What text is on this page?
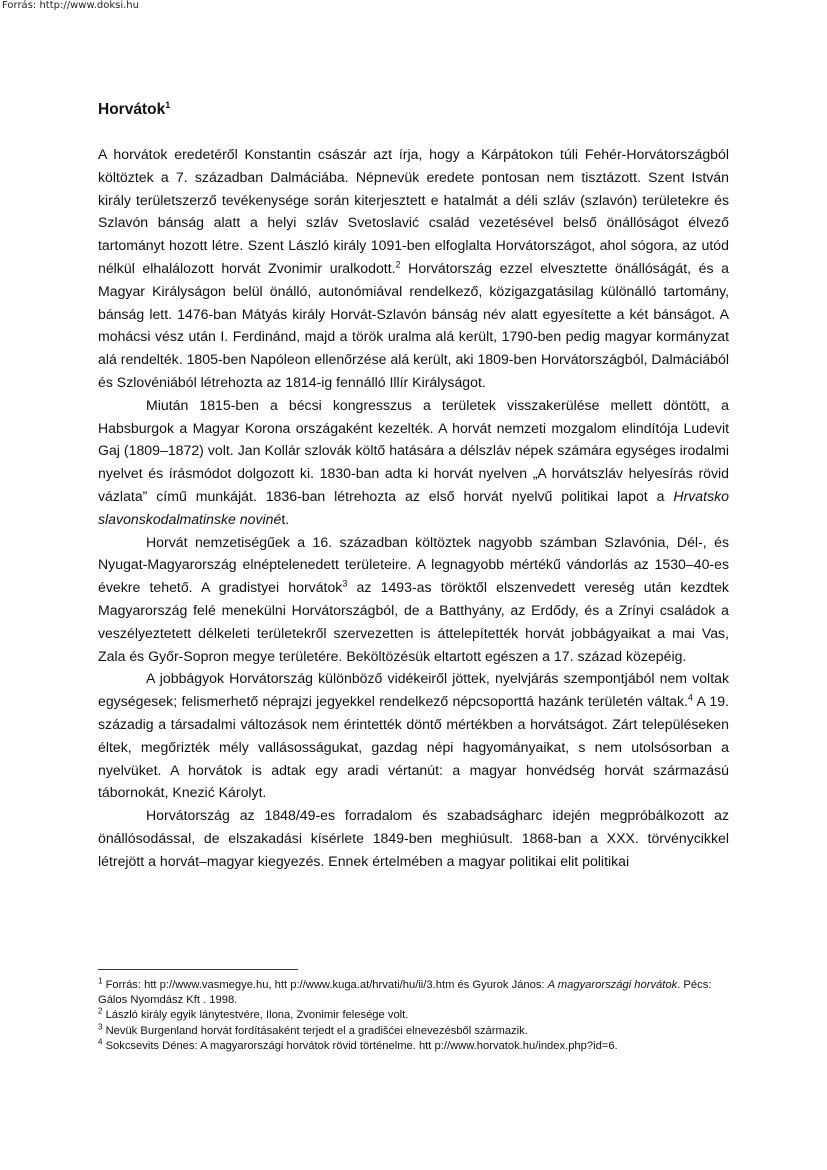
Forrás: http://www.doksi.hu
Horvátok$^1$

A horvátok eredetéről Konstantin császár azt írja, hogy a Kárpátokon túli Fehér-Horvátországból költöztek a 7. században Dalmáciába. Népnevük eredete pontosan nem tisztázott. Szent István király területszerző tevékenysége során kiterjesztett e hatalmát a déli szláv (szlavón) területekre és Szlavón bánság alatt a helyi szláv Svetoslavić család vezetésével belső önállóságot élvező tartományt hozott létre. Szent László király 1091-ben elfoglalta Horvátországot, ahol sógora, az utód nélkül elhalálozott horvát Zvonimir uralkodott.$^2$ Horvátország ezzel elvesztette önállóságát, és a Magyar Királyságon belül önálló, autonómiával rendelkező, közigazgatásilag különálló tartomány, bánság lett. 1476-ban Mátyás király Horvát-Szlavón bánság név alatt egyesítette a két bánságot. A mohácsi vész után I. Ferdinánd, majd a török uralma alá került, 1790-ben pedig magyar kormányzat alá rendelték. 1805-ben Napóleon ellenőrzése alá került, aki 1809-ben Horvátországból, Dalmáciából és Szlovéniából létrehozta az 1814-ig fennálló Illír Királyságot.

Miután 1815-ben a bécsi kongresszus a területek visszakerülése mellett döntött, a Habsburgok a Magyar Korona országaként kezelték. A horvát nemzeti mozgalom elindítója Ludevit Gaj (1809–1872) volt. Jan Kollár szlovák költő hatására a délszláv népek számára egységes irodalmi nyelvet és írásmódot dolgozott ki. 1830-ban adta ki horvát nyelven „A horvátszláv helyesírás rövid vázlata” című munkáját. 1836-ban létrehozta az első horvát nyelvű politikai lapot a Hrvatsko slavonskodalmatinske novinét.

Horvát nemzetiségűek a 16. században költöztek nagyobb számban Szlavónia, Dél-, és Nyugat-Magyarország elnéptelenedett területeire. A legnagyobb mértékű vándorlás az 1530–40-es évekre tehető. A gradistyei horvátok$^3$ az 1493-as töröktől elszenvedett vereség után kezdtek Magyarország felé menekülni Horvátországból, de a Batthyány, az Erdődy, és a Zrínyi családok a veszélyeztetett délkeleti területekről szervezetten is áttelepítették horvát jobbágyaikat a mai Vas, Zala és Győr-Sopron megye területére. Beköltözésük eltartott egészen a 17. század közepéig.

A jobbágyok Horvátország különböző vidékeiről jöttek, nyelvjárás szempontjából nem voltak egységesek; felismerhető néprajzi jegyekkel rendelkező népcsoporttá hazánk területén váltak.$^4$ A 19. századig a társadalmi változások nem érintették döntő mértékben a horvátságot. Zárt településeken éltek, megőrizték mély vallásosságukat, gazdag népi hagyományaikat, s nem utolsósorban a nyelvüket. A horvátok is adtak egy aradi vértanút: a magyar honvédség horvát származású tábornokát, Knezić Károlyt.

Horvátország az 1848/49-es forradalom és szabadságharc idején megpróbálkozott az önállósodással, de elszakadási kísérlete 1849-ben meghiúsult. 1868-ban a XXX. törvénycikkel létrejött a horvát–magyar kiegyezés. Ennek értelmében a magyar politikai elit politikai

$^1$ Forrás: htt p://www.vasmegye.hu, htt p://www.kuga.at/hrvati/hu/ii/3.htm és Gyurok János: A magyarországi horvátok. Pécs: Gálos Nyomdász Kft . 1998.

$^2$ László király egyik lánytestvére, Ilona, Zvonimir felesége volt.

$^3$ Nevük Burgenland horvát fordításaként terjedt el a gradišćei elnevezésből származik.

$^4$ Sokcsevits Dénes: A magyarországi horvátok rövid történelme. htt p://www.horvatok.hu/index.php?id=6.
